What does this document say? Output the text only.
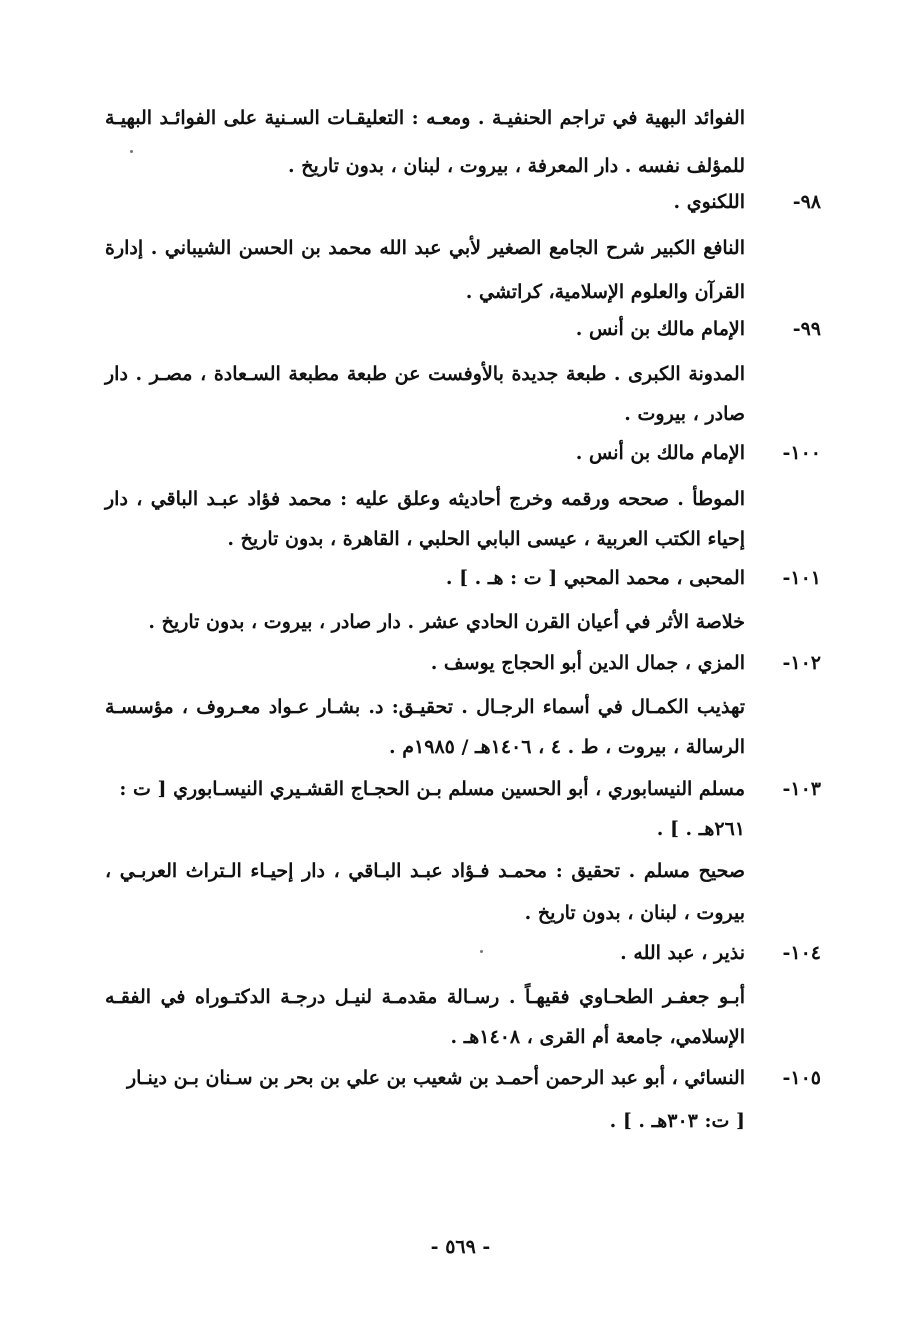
الفوائد البهية في تراجم الحنفيـة . ومعـه : التعليقـات السـنية على الفوائـد البهيـة
للمؤلف نفسه . دار المعرفة ، بيروت ، لبنان ، بدون تاريخ .
٩٨-
اللكنوي .
النافع الكبير شرح الجامع الصغير لأبي عبد الله محمد بن الحسن الشيباني . إدارة
القرآن والعلوم الإسلامية، كراتشي .
٩٩-
الإمام مالك بن أنس .
المدونة الكبرى . طبعة جديدة بالأوفست عن طبعة مطبعة السـعادة ، مصـر . دار
صادر ، بيروت .
١٠٠-
الإمام مالك بن أنس .
الموطأ . صححه ورقمه وخرج أحاديثه وعلق عليه : محمد فؤاد عبـد الباقي ، دار
إحياء الكتب العربية ، عيسى البابي الحلبي ، القاهرة ، بدون تاريخ .
١٠١-
المحبى ، محمد المحبي [ ت : هـ . ] .
خلاصة الأثر في أعيان القرن الحادي عشر . دار صادر ، بيروت ، بدون تاريخ .
١٠٢-
المزي ، جمال الدين أبو الحجاج يوسف .
تهذيب الكمـال في أسماء الرجـال . تحقيـق: د. بشـار عـواد معـروف ، مؤسسـة
الرسالة ، بيروت ، ط . ٤ ، ١٤٠٦هـ / ١٩٨٥م .
١٠٣-
مسلم النيسابوري ، أبو الحسين مسلم بـن الحجـاج القشـيري النيسـابوري [ ت :
٢٦١هـ . ] .
صحيح مسلم . تحقيق : محمـد فـؤاد عبـد البـاقي ، دار إحيـاء الـتراث العربـي ،
بيروت ، لبنان ، بدون تاريخ .
١٠٤-
نذير ، عبد الله .
أبـو جعفـر الطحـاوي فقيهـاً . رسـالة مقدمـة لنيـل درجـة الدكتـوراه في الفقـه
الإسلامي، جامعة أم القرى ، ١٤٠٨هـ .
١٠٥-
النسائي ، أبو عبد الرحمن أحمـد بن شعيب بن علي بن بحر بن سـنان بـن دينـار
[ ت: ٣٠٣هـ . ] .
- ٥٦٩ -
